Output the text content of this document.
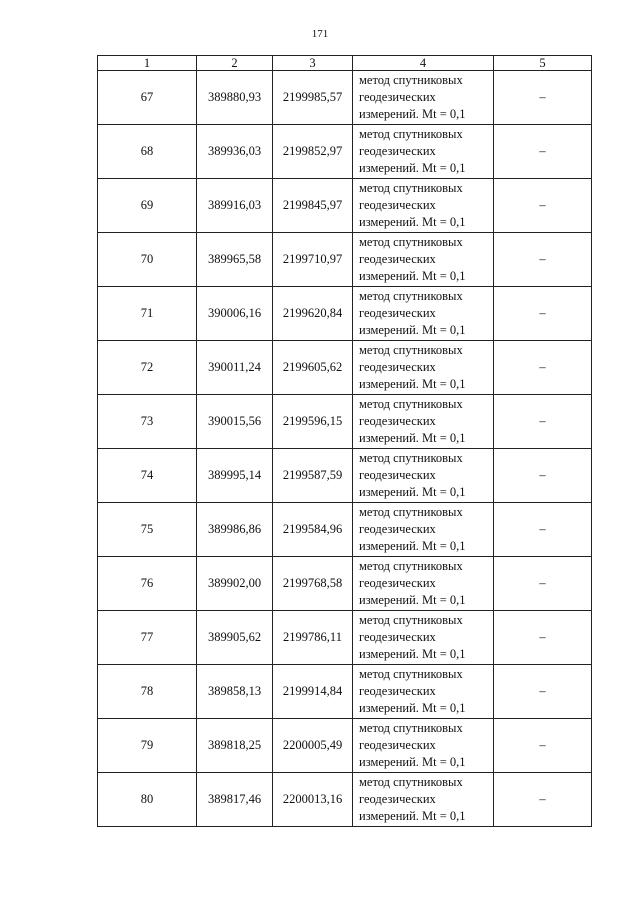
171
1	2	3	4	5
67	389880,93	2199985,57	метод спутниковых
геодезических
измерений. Mt = 0,1	–
68	389936,03	2199852,97	метод спутниковых
геодезических
измерений. Mt = 0,1	–
69	389916,03	2199845,97	метод спутниковых
геодезических
измерений. Mt = 0,1	–
70	389965,58	2199710,97	метод спутниковых
геодезических
измерений. Mt = 0,1	–
71	390006,16	2199620,84	метод спутниковых
геодезических
измерений. Mt = 0,1	–
72	390011,24	2199605,62	метод спутниковых
геодезических
измерений. Mt = 0,1	–
73	390015,56	2199596,15	метод спутниковых
геодезических
измерений. Mt = 0,1	–
74	389995,14	2199587,59	метод спутниковых
геодезических
измерений. Mt = 0,1	–
75	389986,86	2199584,96	метод спутниковых
геодезических
измерений. Mt = 0,1	–
76	389902,00	2199768,58	метод спутниковых
геодезических
измерений. Mt = 0,1	–
77	389905,62	2199786,11	метод спутниковых
геодезических
измерений. Mt = 0,1	–
78	389858,13	2199914,84	метод спутниковых
геодезических
измерений. Mt = 0,1	–
79	389818,25	2200005,49	метод спутниковых
геодезических
измерений. Mt = 0,1	–
80	389817,46	2200013,16	метод спутниковых
геодезических
измерений. Mt = 0,1	–
